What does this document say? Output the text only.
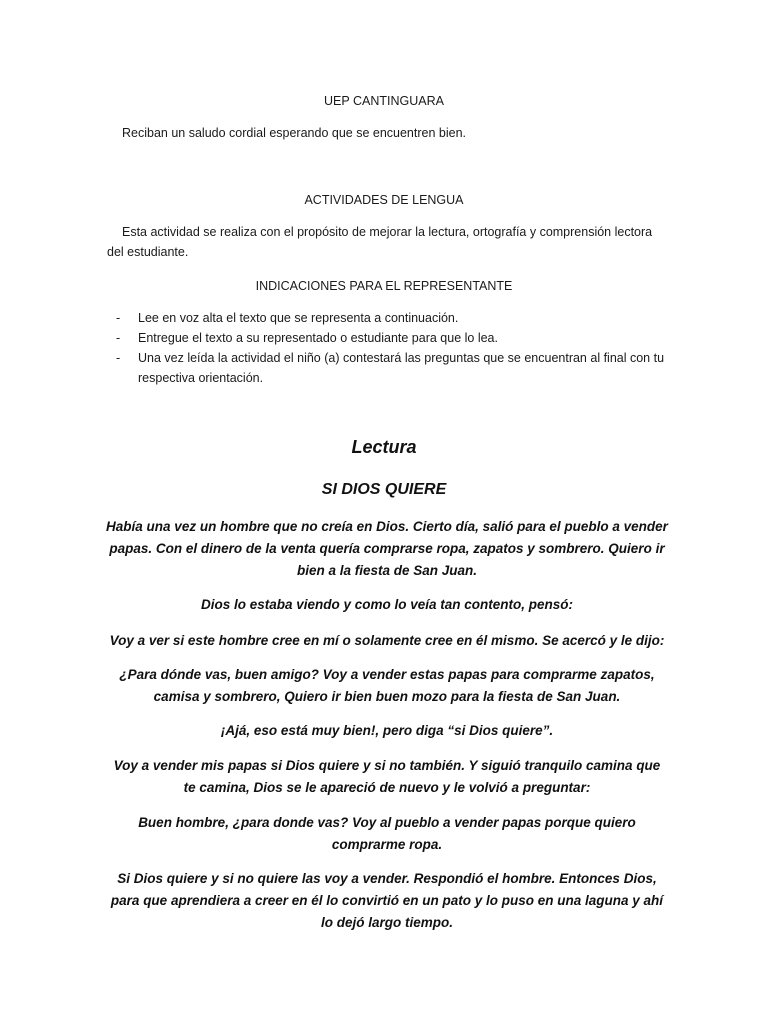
UEP CANTINGUARA

Reciban un saludo cordial esperando que se encuentren bien.

ACTIVIDADES DE LENGUA

Esta actividad se realiza con el propósito de mejorar la lectura, ortografía y comprensión lectora del estudiante.

INDICACIONES PARA EL REPRESENTANTE

- Lee en voz alta el texto que se representa a continuación.
- Entregue el texto a su representado o estudiante para que lo lea.
- Una vez leída la actividad el niño (a) contestará las preguntas que se encuentran al final con tu respectiva orientación.

Lectura

SI DIOS QUIERE

Había una vez un hombre que no creía en Dios. Cierto día, salió para el pueblo a vender papas. Con el dinero de la venta quería comprarse ropa, zapatos y sombrero. Quiero ir bien a la fiesta de San Juan.

Dios lo estaba viendo y como lo veía tan contento, pensó:

Voy a ver si este hombre cree en mí o solamente cree en él mismo. Se acercó y le dijo:

¿Para dónde vas, buen amigo? Voy a vender estas papas para comprarme zapatos, camisa y sombrero, Quiero ir bien buen mozo para la fiesta de San Juan.

¡Ajá, eso está muy bien!, pero diga “si Dios quiere”.

Voy a vender mis papas si Dios quiere y si no también. Y siguió tranquilo camina que te camina, Dios se le apareció de nuevo y le volvió a preguntar:

Buen hombre, ¿para donde vas? Voy al pueblo a vender papas porque quiero comprarme ropa.

Si Dios quiere y si no quiere las voy a vender. Respondió el hombre. Entonces Dios, para que aprendiera a creer en él lo convirtió en un pato y lo puso en una laguna y ahí lo dejó largo tiempo.
